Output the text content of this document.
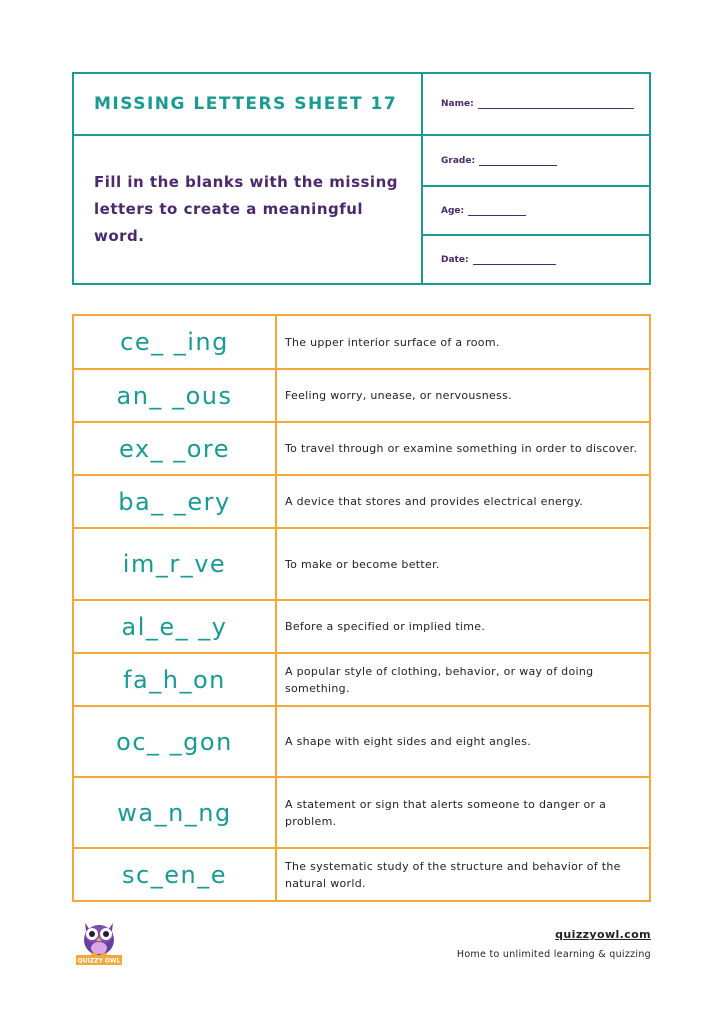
MISSING LETTERS SHEET 17	Name:
Fill in the blanks with the missing letters to create a meaningful word.
Grade:
Age:
Date:
ce_ _ing	The upper interior surface of a room.
an_ _ous	Feeling worry, unease, or nervousness.
ex_ _ore	To travel through or examine something in order to discover.
ba_ _ery	A device that stores and provides electrical energy.
im_r_ve	To make or become better.
al_e_ _y	Before a specified or implied time.
fa_h_on	A popular style of clothing, behavior, or way of doing something.
oc_ _gon	A shape with eight sides and eight angles.
wa_n_ng	A statement or sign that alerts someone to danger or a problem.
sc_en_e	The systematic study of the structure and behavior of the natural world.
QUIZZY OWL
quizzyowl.com
Home to unlimited learning & quizzing
